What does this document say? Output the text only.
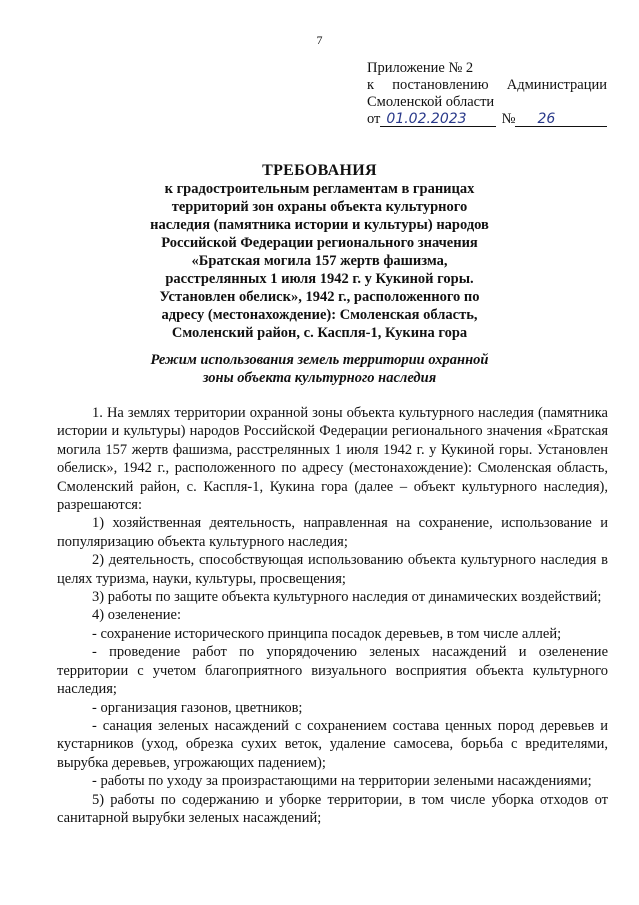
7
Приложение № 2
к постановлению Администрации
Смоленской области
от 01.02.2023	№	26
ТРЕБОВАНИЯ
к градостроительным регламентам в границах
территорий зон охраны объекта культурного
наследия (памятника истории и культуры) народов
Российской Федерации регионального значения
«Братская могила 157 жертв фашизма,
расстрелянных 1 июля 1942 г. у Кукиной горы.
Установлен обелиск», 1942 г., расположенного по
адресу (местонахождение): Смоленская область,
Смоленский район, с. Каспля-1, Кукина гора
Режим использования земель территории охранной
зоны объекта культурного наследия

1. На землях территории охранной зоны объекта культурного наследия (памятника истории и культуры) народов Российской Федерации регионального значения «Братская могила 157 жертв фашизма, расстрелянных 1 июля 1942 г. у Кукиной горы. Установлен обелиск», 1942 г., расположенного по адресу (местонахождение): Смоленская область, Смоленский район, с. Каспля-1, Кукина гора (далее – объект культурного наследия), разрешаются:

1) хозяйственная деятельность, направленная на сохранение, использование и популяризацию объекта культурного наследия;

2) деятельность, способствующая использованию объекта культурного наследия в целях туризма, науки, культуры, просвещения;

3) работы по защите объекта культурного наследия от динамических воздействий;

4) озеленение:

- сохранение исторического принципа посадок деревьев, в том числе аллей;

- проведение работ по упорядочению зеленых насаждений и озеленение территории с учетом благоприятного визуального восприятия объекта культурного наследия;

- организация газонов, цветников;

- санация зеленых насаждений с сохранением состава ценных пород деревьев и кустарников (уход, обрезка сухих веток, удаление самосева, борьба с вредителями, вырубка деревьев, угрожающих падением);

- работы по уходу за произрастающими на территории зелеными насаждениями;

5) работы по содержанию и уборке территории, в том числе уборка отходов от санитарной вырубки зеленых насаждений;
